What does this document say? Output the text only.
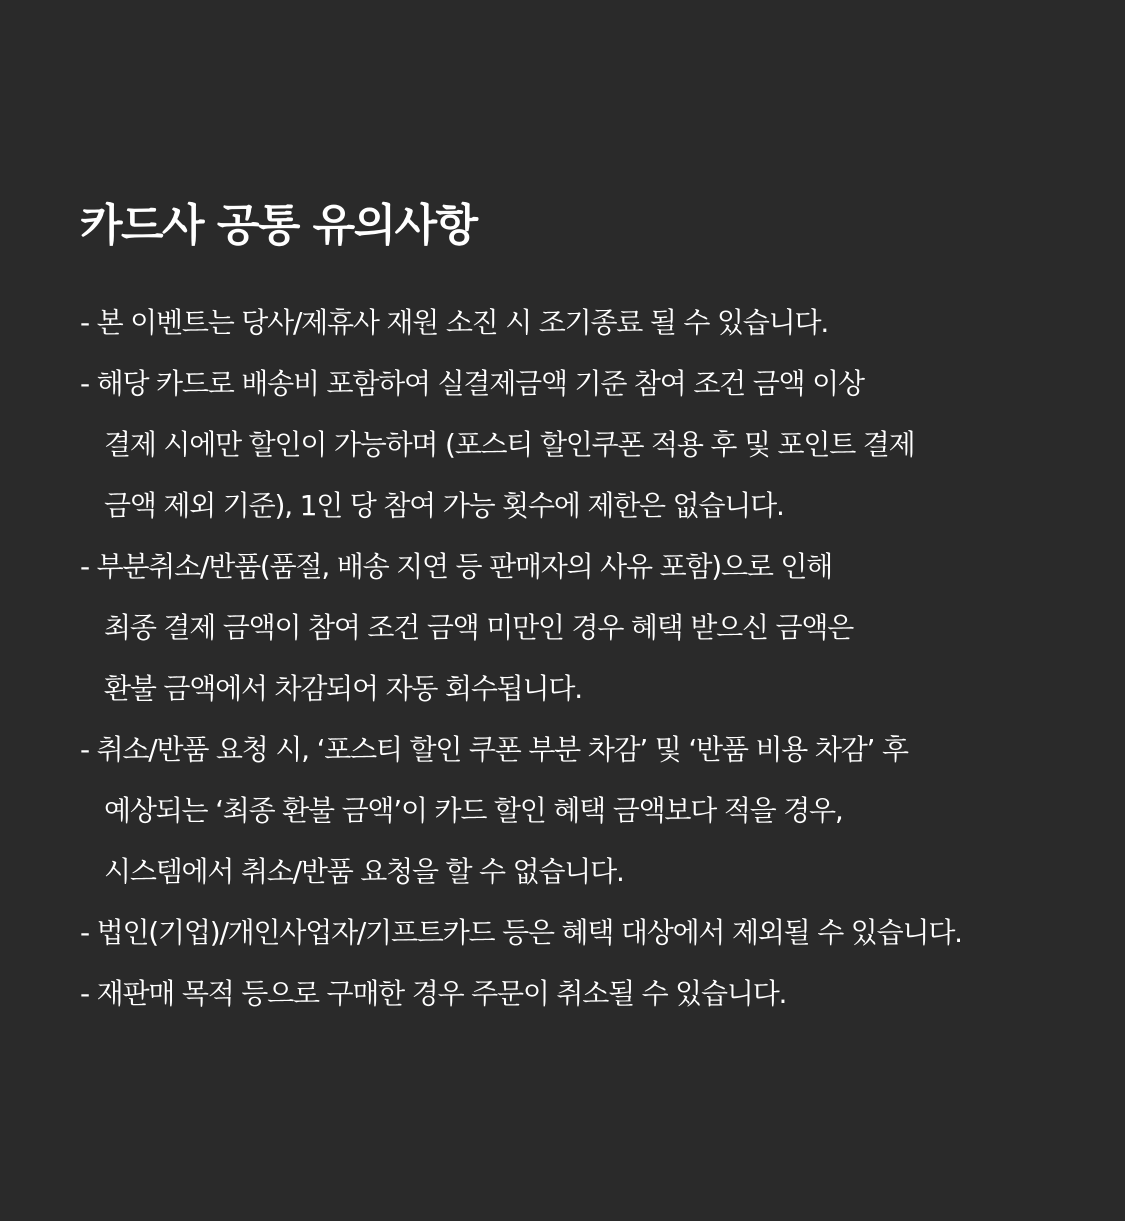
카드사 공통 유의사항
- 본 이벤트는 당사/제휴사 재원 소진 시 조기종료 될 수 있습니다.
- 해당 카드로 배송비 포함하여 실결제금액 기준 참여 조건 금액 이상
결제 시에만 할인이 가능하며 (포스티 할인쿠폰 적용 후 및 포인트 결제
금액 제외 기준), 1인 당 참여 가능 횟수에 제한은 없습니다.
- 부분취소/반품(품절, 배송 지연 등 판매자의 사유 포함)으로 인해
최종 결제 금액이 참여 조건 금액 미만인 경우 혜택 받으신 금액은
환불 금액에서 차감되어 자동 회수됩니다.
- 취소/반품 요청 시, ‘포스티 할인 쿠폰 부분 차감’ 및 ‘반품 비용 차감’ 후
예상되는 ‘최종 환불 금액’이 카드 할인 혜택 금액보다 적을 경우,
시스템에서 취소/반품 요청을 할 수 없습니다.
- 법인(기업)/개인사업자/기프트카드 등은 혜택 대상에서 제외될 수 있습니다.
- 재판매 목적 등으로 구매한 경우 주문이 취소될 수 있습니다.
